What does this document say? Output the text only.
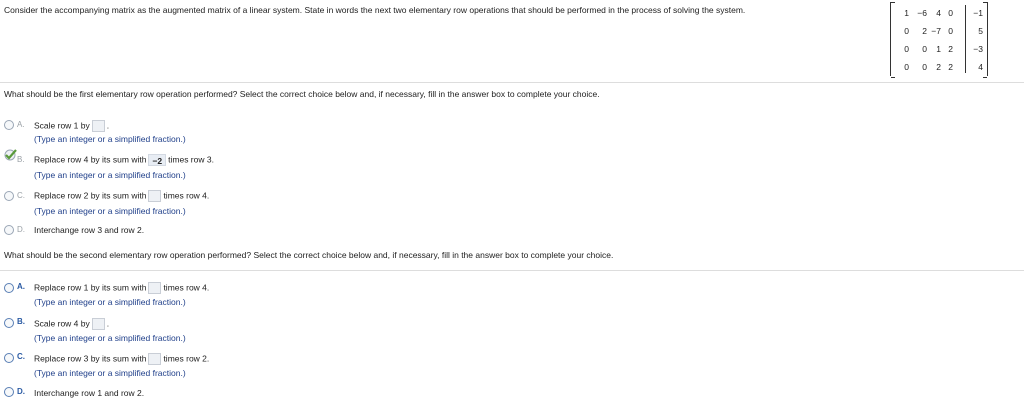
Consider the accompanying matrix as the augmented matrix of a linear system. State in words the next two elementary row operations that should be performed in the process of solving the system.	1 −6	4 0	−1
0	2 −7 0	5
0	0	1 2	−3
0	0	2 2	4
What should be the first elementary row operation performed? Select the correct choice below and, if necessary, fill in the answer box to complete your choice.
A. Scale row 1 by .
(Type an integer or a simplified fraction.)
B. Replace row 4 by its sum with −2 times row 3.
(Type an integer or a simplified fraction.)
C. Replace row 2 by its sum with times row 4.
(Type an integer or a simplified fraction.)
D. Interchange row 3 and row 2.
What should be the second elementary row operation performed? Select the correct choice below and, if necessary, fill in the answer box to complete your choice.
A. Replace row 1 by its sum with times row 4.
(Type an integer or a simplified fraction.)
B. Scale row 4 by .
(Type an integer or a simplified fraction.)
C. Replace row 3 by its sum with times row 2.
(Type an integer or a simplified fraction.)
D. Interchange row 1 and row 2.
